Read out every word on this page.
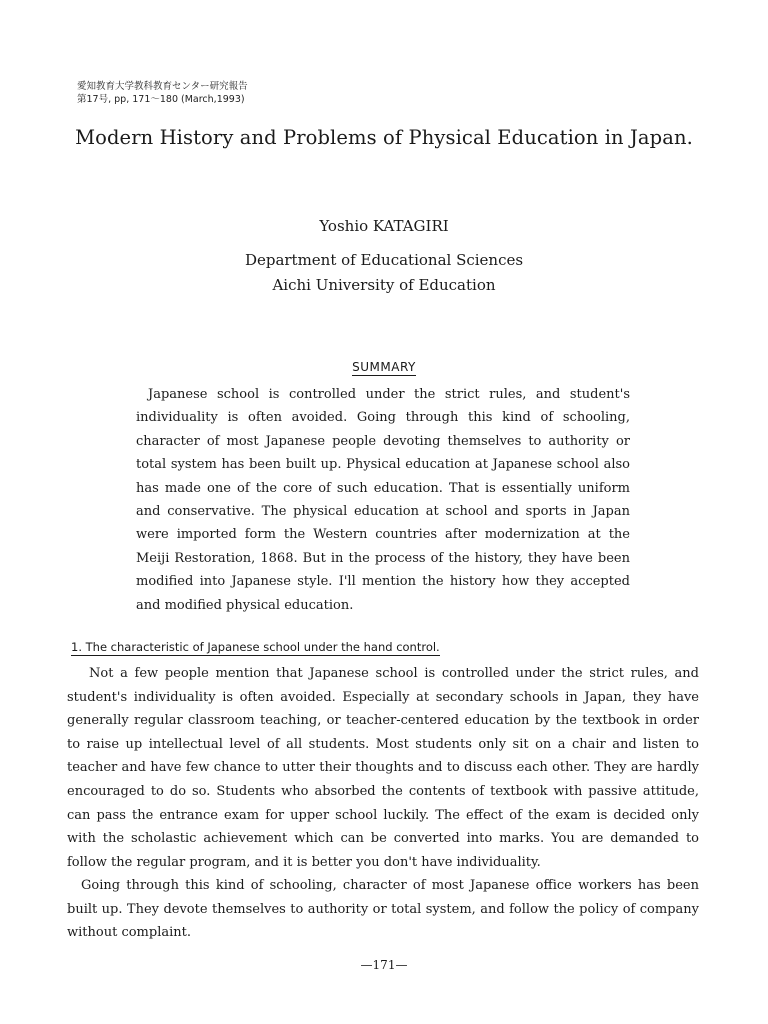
愛知教育大学教科教育センター研究報告
第17号, pp, 171〜180 (March,1993)
Modern History and Problems of Physical Education in Japan.
Yoshio KATAGIRI
Department of Educational Sciences
Aichi University of Education
SUMMARY

Japanese school is controlled under the strict rules, and student's individuality is often avoided. Going through this kind of schooling, character of most Japanese people devoting themselves to authority or total system has been built up. Physical education at Japanese school also has made one of the core of such education. That is essentially uniform and conservative. The physical education at school and sports in Japan were imported form the Western countries after modernization at the Meiji Restoration, 1868. But in the process of the history, they have been modified into Japanese style. I'll mention the history how they accepted and modified physical education.

1. The characteristic of Japanese school under the hand control.

Not a few people mention that Japanese school is controlled under the strict rules, and student's individuality is often avoided. Especially at secondary schools in Japan, they have generally regular classroom teaching, or teacher-centered education by the textbook in order to raise up intellectual level of all students. Most students only sit on a chair and listen to teacher and have few chance to utter their thoughts and to discuss each other. They are hardly encouraged to do so. Students who absorbed the contents of textbook with passive attitude, can pass the entrance exam for upper school luckily. The effect of the exam is decided only with the scholastic achievement which can be converted into marks. You are demanded to follow the regular program, and it is better you don't have individuality.

Going through this kind of schooling, character of most Japanese office workers has been built up. They devote themselves to authority or total system, and follow the policy of company without complaint.

—171—
